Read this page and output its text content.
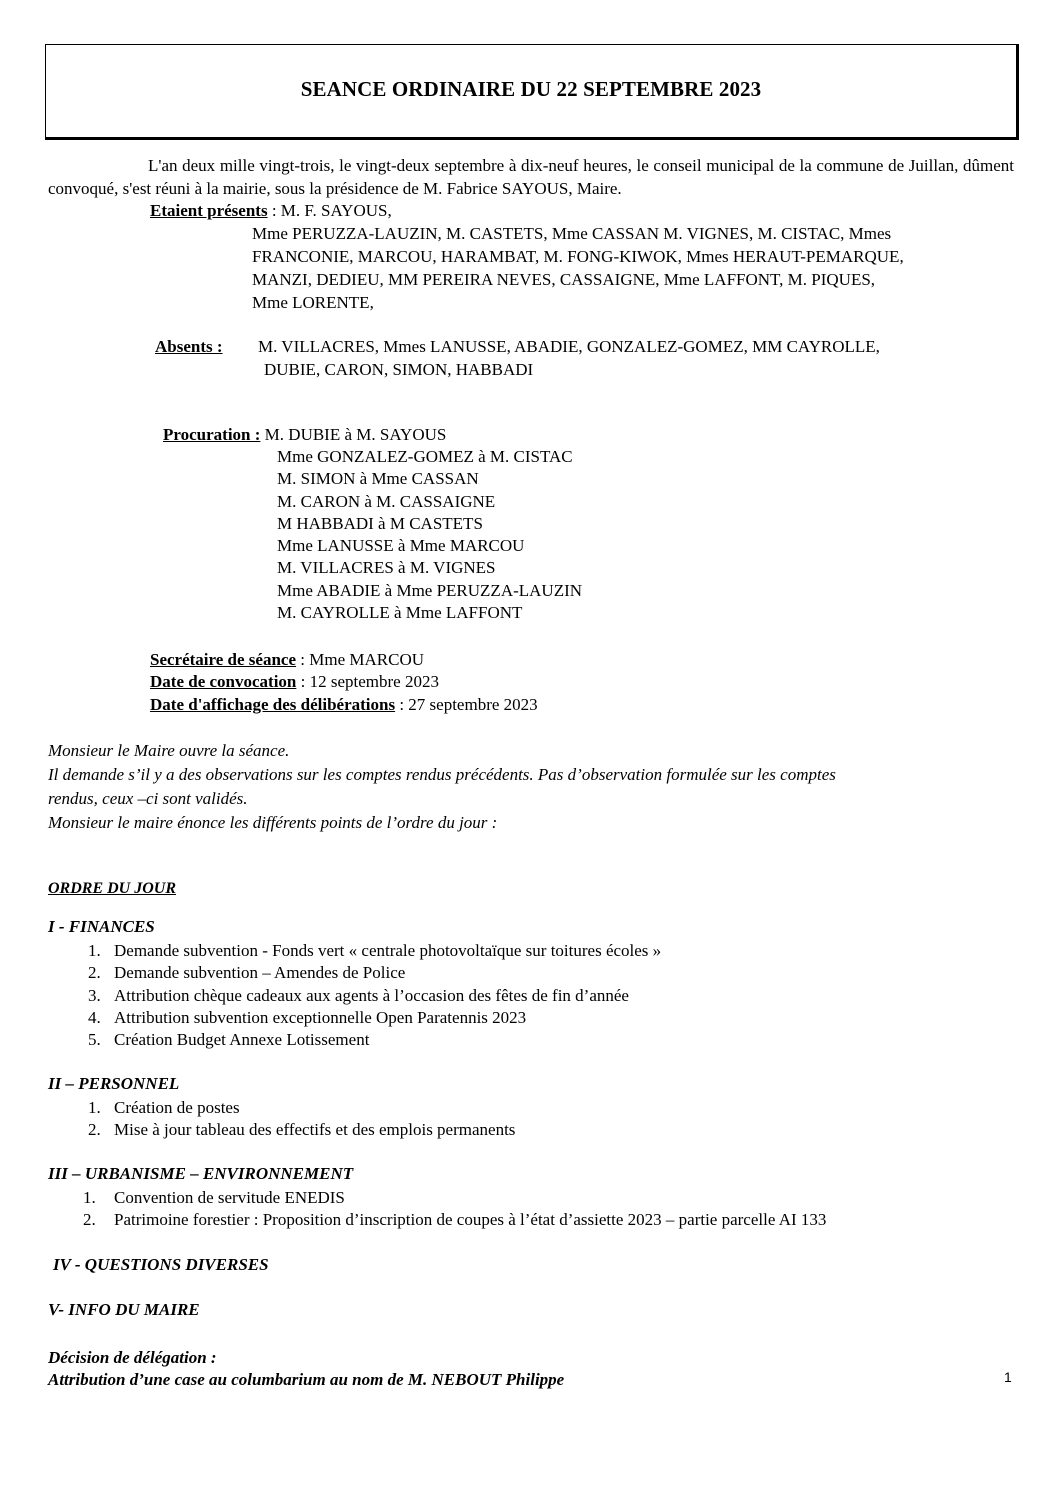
SEANCE ORDINAIRE DU 22 SEPTEMBRE 2023
L'an deux mille vingt-trois, le vingt-deux septembre à dix-neuf heures, le conseil municipal de la commune de Juillan, dûment convoqué, s'est réuni à la mairie, sous la présidence de M. Fabrice SAYOUS, Maire.
Etaient présents : M. F. SAYOUS,
Mme PERUZZA-LAUZIN, M. CASTETS, Mme CASSAN M. VIGNES, M. CISTAC, Mmes
FRANCONIE, MARCOU, HARAMBAT, M. FONG-KIWOK, Mmes HERAUT-PEMARQUE,
MANZI, DEDIEU, MM PEREIRA NEVES, CASSAIGNE, Mme LAFFONT, M. PIQUES,
Mme LORENTE,
Absents : M. VILLACRES, Mmes LANUSSE, ABADIE, GONZALEZ-GOMEZ, MM CAYROLLE,
DUBIE, CARON, SIMON, HABBADI
Procuration : M. DUBIE à M. SAYOUS
Mme GONZALEZ-GOMEZ à M. CISTAC
M. SIMON à Mme CASSAN
M. CARON à M. CASSAIGNE
M HABBADI à M CASTETS
Mme LANUSSE à Mme MARCOU
M. VILLACRES à M. VIGNES
Mme ABADIE à Mme PERUZZA-LAUZIN
M. CAYROLLE à Mme LAFFONT
Secrétaire de séance : Mme MARCOU
Date de convocation : 12 septembre 2023
Date d'affichage des délibérations : 27 septembre 2023
Monsieur le Maire ouvre la séance.
Il demande s’il y a des observations sur les comptes rendus précédents. Pas d’observation formulée sur les comptes
rendus, ceux –ci sont validés.
Monsieur le maire énonce les différents points de l’ordre du jour :
ORDRE DU JOUR
I - FINANCES
1. Demande subvention - Fonds vert « centrale photovoltaïque sur toitures écoles »
2. Demande subvention – Amendes de Police
3. Attribution chèque cadeaux aux agents à l’occasion des fêtes de fin d’année
4. Attribution subvention exceptionnelle Open Paratennis 2023
5. Création Budget Annexe Lotissement
II – PERSONNEL
1. Création de postes
2. Mise à jour tableau des effectifs et des emplois permanents
III – URBANISME – ENVIRONNEMENT
1.	Convention de servitude ENEDIS
2.	Patrimoine forestier : Proposition d’inscription de coupes à l’état d’assiette 2023 – partie parcelle AI 133
IV - QUESTIONS DIVERSES
V- INFO DU MAIRE
Décision de délégation :
Attribution d’une case au columbarium au nom de M. NEBOUT Philippe	1
